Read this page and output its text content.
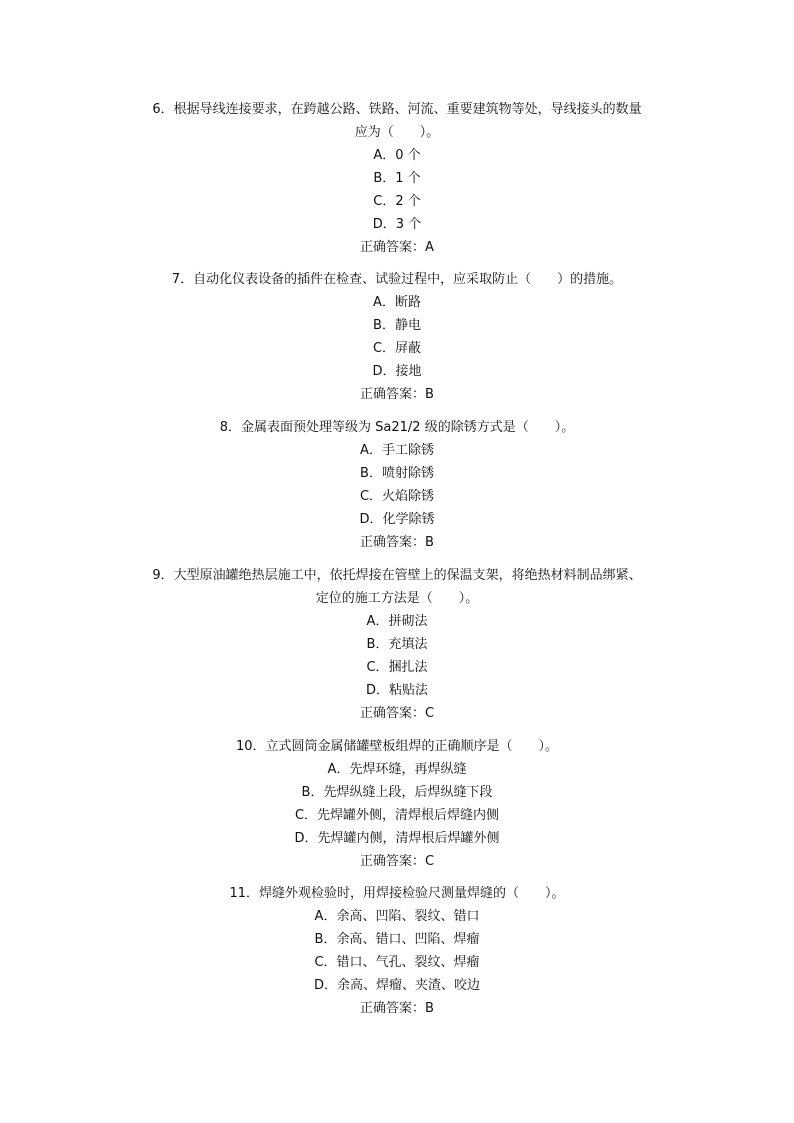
6．根据导线连接要求，在跨越公路、铁路、河流、重要建筑物等处，导线接头的数量
应为（　　）。
A．0 个
B．1 个
C．2 个
D．3 个
正确答案：A
7．自动化仪表设备的插件在检查、试验过程中，应采取防止（　　）的措施。
A．断路
B．静电
C．屏蔽
D．接地
正确答案：B
8．金属表面预处理等级为 Sa21/2 级的除锈方式是（　　）。
A．手工除锈
B．喷射除锈
C．火焰除锈
D．化学除锈
正确答案：B
9．大型原油罐绝热层施工中，依托焊接在管壁上的保温支架，将绝热材料制品绑紧、
定位的施工方法是（　　）。
A．拼砌法
B．充填法
C．捆扎法
D．粘贴法
正确答案：C
10．立式圆筒金属储罐壁板组焊的正确顺序是（　　）。
A．先焊环缝，再焊纵缝
B．先焊纵缝上段，后焊纵缝下段
C．先焊罐外侧，清焊根后焊缝内侧
D．先焊罐内侧，清焊根后焊罐外侧
正确答案：C
11．焊缝外观检验时，用焊接检验尺测量焊缝的（　　）。
A．余高、凹陷、裂纹、错口
B．余高、错口、凹陷、焊瘤
C．错口、气孔、裂纹、焊瘤
D．余高、焊瘤、夹渣、咬边
正确答案：B
